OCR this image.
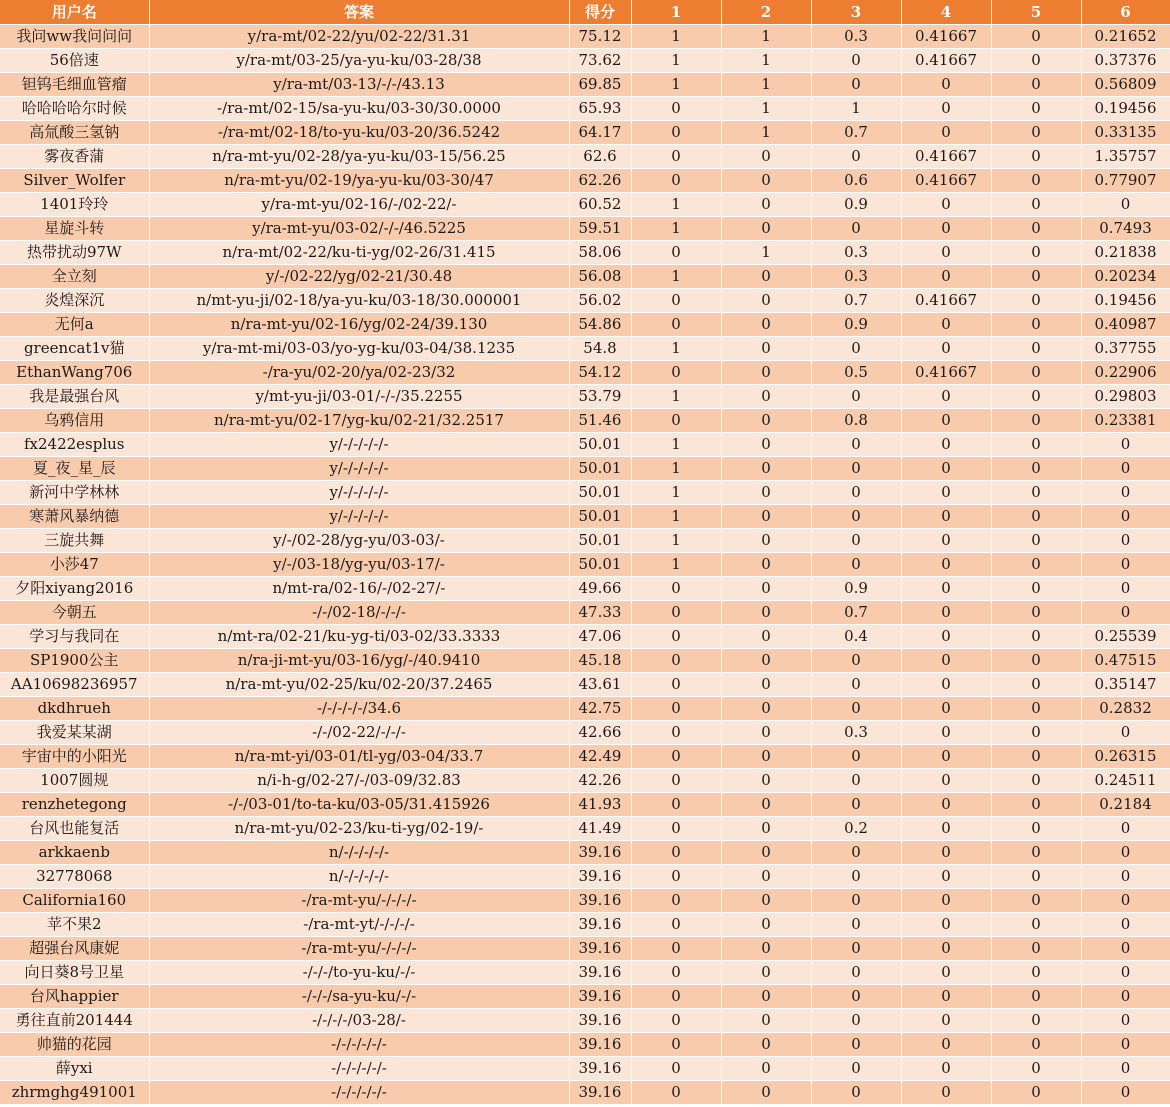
用户名	答案	得分	1	2	3	4	5	6
我问ww我问问问	y/ra-mt/02-22/yu/02-22/31.31	75.12	1	1	0.3	0.41667	0	0.21652
56倍速	y/ra-mt/03-25/ya-yu-ku/03-28/38	73.62	1	1	0	0.41667	0	0.37376
钽钨毛细血管瘤	y/ra-mt/03-13/-/-/43.13	69.85	1	1	0	0	0	0.56809
哈哈哈哈尔时候	-/ra-mt/02-15/sa-yu-ku/03-30/30.0000	65.93	0	1	1	0	0	0.19456
高氚酸三氢钠	-/ra-mt/02-18/to-yu-ku/03-20/36.5242	64.17	0	1	0.7	0	0	0.33135
雾夜香蒲	n/ra-mt-yu/02-28/ya-yu-ku/03-15/56.25	62.6	0	0	0	0.41667	0	1.35757
Silver_Wolfer	n/ra-mt-yu/02-19/ya-yu-ku/03-30/47	62.26	0	0	0.6	0.41667	0	0.77907
1401玲玲	y/ra-mt-yu/02-16/-/02-22/-	60.52	1	0	0.9	0	0	0
星旋斗转	y/ra-mt-yu/03-02/-/-/46.5225	59.51	1	0	0	0	0	0.7493
热带扰动97W	n/ra-mt/02-22/ku-ti-yg/02-26/31.415	58.06	0	1	0.3	0	0	0.21838
全立刻	y/-/02-22/yg/02-21/30.48	56.08	1	0	0.3	0	0	0.20234
炎煌深沉	n/mt-yu-ji/02-18/ya-yu-ku/03-18/30.000001	56.02	0	0	0.7	0.41667	0	0.19456
无何a	n/ra-mt-yu/02-16/yg/02-24/39.130	54.86	0	0	0.9	0	0	0.40987
greencat1v猫	y/ra-mt-mi/03-03/yo-yg-ku/03-04/38.1235	54.8	1	0	0	0	0	0.37755
EthanWang706	-/ra-yu/02-20/ya/02-23/32	54.12	0	0	0.5	0.41667	0	0.22906
我是最强台风	y/mt-yu-ji/03-01/-/-/35.2255	53.79	1	0	0	0	0	0.29803
乌鸦信用	n/ra-mt-yu/02-17/yg-ku/02-21/32.2517	51.46	0	0	0.8	0	0	0.23381
fx2422esplus	y/-/-/-/-/-	50.01	1	0	0	0	0	0
夏_夜_星_辰	y/-/-/-/-/-	50.01	1	0	0	0	0	0
新河中学林林	y/-/-/-/-/-	50.01	1	0	0	0	0	0
寒萧风暴纳德	y/-/-/-/-/-	50.01	1	0	0	0	0	0
三旋共舞	y/-/02-28/yg-yu/03-03/-	50.01	1	0	0	0	0	0
小莎47	y/-/03-18/yg-yu/03-17/-	50.01	1	0	0	0	0	0
夕阳xiyang2016	n/mt-ra/02-16/-/02-27/-	49.66	0	0	0.9	0	0	0
今朝五	-/-/02-18/-/-/-	47.33	0	0	0.7	0	0	0
学习与我同在	n/mt-ra/02-21/ku-yg-ti/03-02/33.3333	47.06	0	0	0.4	0	0	0.25539
SP1900公主	n/ra-ji-mt-yu/03-16/yg/-/40.9410	45.18	0	0	0	0	0	0.47515
AA10698236957	n/ra-mt-yu/02-25/ku/02-20/37.2465	43.61	0	0	0	0	0	0.35147
dkdhrueh	-/-/-/-/-/34.6	42.75	0	0	0	0	0	0.2832
我爱某某湖	-/-/02-22/-/-/-	42.66	0	0	0.3	0	0	0
宇宙中的小阳光	n/ra-mt-yi/03-01/tl-yg/03-04/33.7	42.49	0	0	0	0	0	0.26315
1007圆规	n/i-h-g/02-27/-/03-09/32.83	42.26	0	0	0	0	0	0.24511
renzhetegong	-/-/03-01/to-ta-ku/03-05/31.415926	41.93	0	0	0	0	0	0.2184
台风也能复活	n/ra-mt-yu/02-23/ku-ti-yg/02-19/-	41.49	0	0	0.2	0	0	0
arkkaenb	n/-/-/-/-/-	39.16	0	0	0	0	0	0
32778068	n/-/-/-/-/-	39.16	0	0	0	0	0	0
California160	-/ra-mt-yu/-/-/-/-	39.16	0	0	0	0	0	0
苹不果2	-/ra-mt-yt/-/-/-/-	39.16	0	0	0	0	0	0
超强台风康妮	-/ra-mt-yu/-/-/-/-	39.16	0	0	0	0	0	0
向日葵8号卫星	-/-/-/to-yu-ku/-/-	39.16	0	0	0	0	0	0
台风happier	-/-/-/sa-yu-ku/-/-	39.16	0	0	0	0	0	0
勇往直前201444	-/-/-/-/03-28/-	39.16	0	0	0	0	0	0
帅猫的花园	-/-/-/-/-/-	39.16	0	0	0	0	0	0
薛yxi	-/-/-/-/-/-	39.16	0	0	0	0	0	0
zhrmghg491001	-/-/-/-/-/-	39.16	0	0	0	0	0	0
